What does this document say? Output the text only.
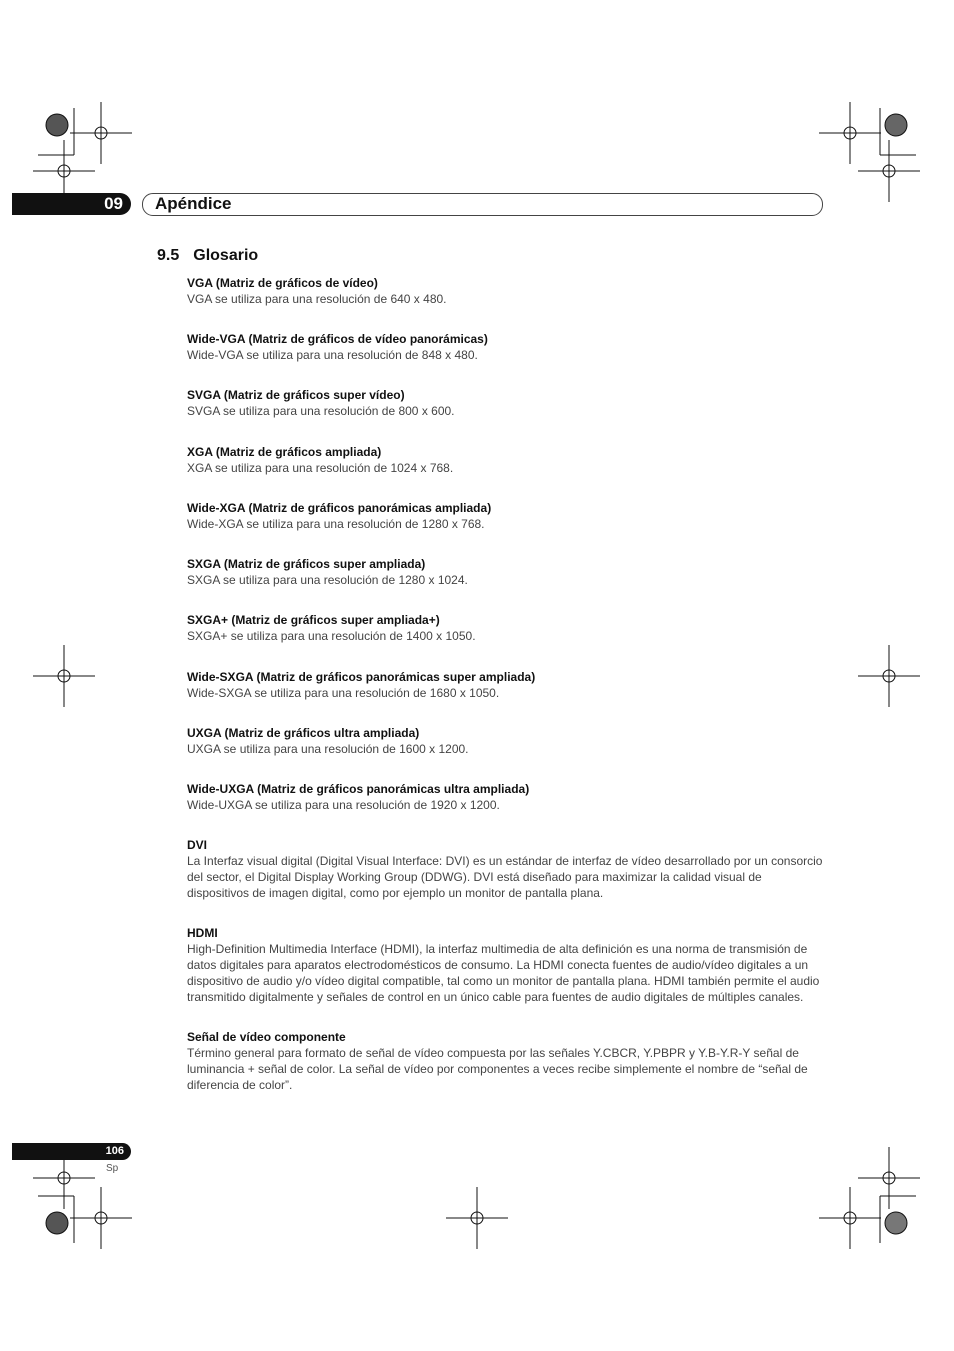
09 Apéndice
9.5 Glosario
VGA (Matriz de gráficos de vídeo)
VGA se utiliza para una resolución de 640 x 480.
Wide-VGA (Matriz de gráficos de vídeo panorámicas)
Wide-VGA se utiliza para una resolución de 848 x 480.
SVGA (Matriz de gráficos super vídeo)
SVGA se utiliza para una resolución de 800 x 600.
XGA (Matriz de gráficos ampliada)
XGA se utiliza para una resolución de 1024 x 768.
Wide-XGA (Matriz de gráficos panorámicas ampliada)
Wide-XGA se utiliza para una resolución de 1280 x 768.
SXGA (Matriz de gráficos super ampliada)
SXGA se utiliza para una resolución de 1280 x 1024.
SXGA+ (Matriz de gráficos super ampliada+)
SXGA+ se utiliza para una resolución de 1400 x 1050.
Wide-SXGA (Matriz de gráficos panorámicas super ampliada)
Wide-SXGA se utiliza para una resolución de 1680 x 1050.
UXGA (Matriz de gráficos ultra ampliada)
UXGA se utiliza para una resolución de 1600 x 1200.
Wide-UXGA (Matriz de gráficos panorámicas ultra ampliada)
Wide-UXGA se utiliza para una resolución de 1920 x 1200.
DVI
La Interfaz visual digital (Digital Visual Interface: DVI) es un estándar de interfaz de vídeo desarrollado por un consorcio del sector, el Digital Display Working Group (DDWG). DVI está diseñado para maximizar la calidad visual de dispositivos de imagen digital, como por ejemplo un monitor de pantalla plana.
HDMI
High-Definition Multimedia Interface (HDMI), la interfaz multimedia de alta definición es una norma de transmisión de datos digitales para aparatos electrodomésticos de consumo. La HDMI conecta fuentes de audio/vídeo digitales a un dispositivo de audio y/o vídeo digital compatible, tal como un monitor de pantalla plana. HDMI también permite el audio transmitido digitalmente y señales de control en un único cable para fuentes de audio digitales de múltiples canales.
Señal de vídeo componente
Término general para formato de señal de vídeo compuesta por las señales Y.CBCR, Y.PBPR y Y.B-Y.R-Y señal de luminancia + señal de color. La señal de vídeo por componentes a veces recibe simplemente el nombre de “señal de diferencia de color”.
106
Sp
